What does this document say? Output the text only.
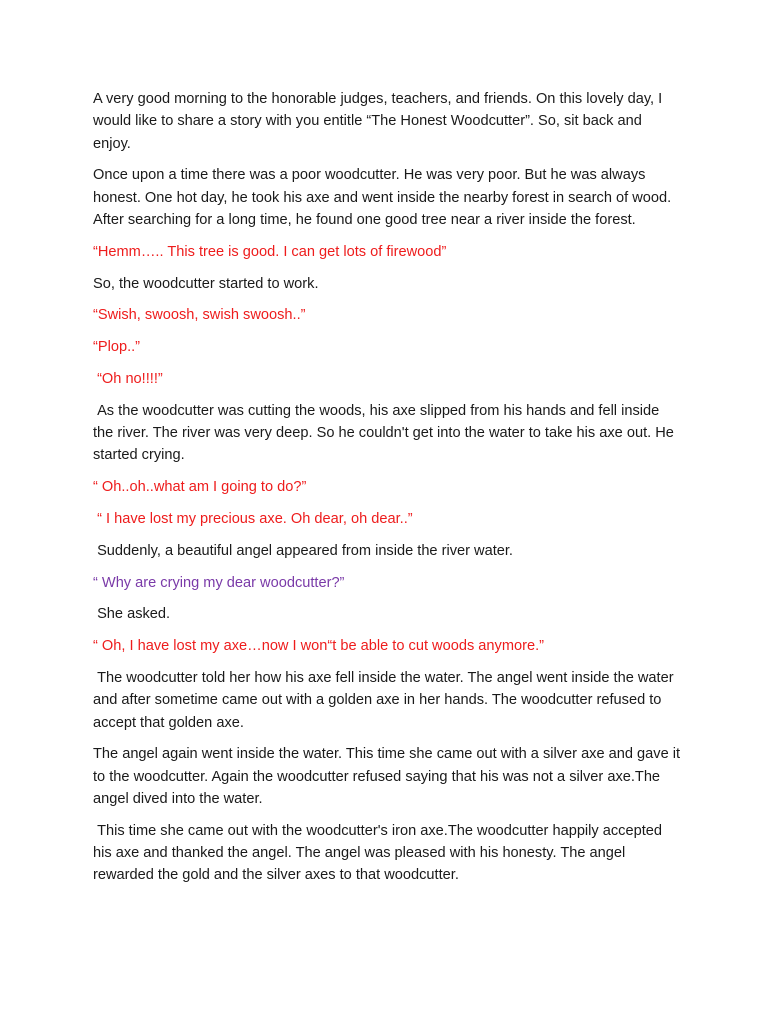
A very good morning to the honorable judges, teachers, and friends. On this lovely day, I would like to share a story with you entitle “The Honest Woodcutter”. So, sit back and enjoy.

Once upon a time there was a poor woodcutter. He was very poor. But he was always honest. One hot day, he took his axe and went inside the nearby forest in search of wood. After searching for a long time, he found one good tree near a river inside the forest.

“Hemm….. This tree is good. I can get lots of firewood”

So, the woodcutter started to work.

“Swish, swoosh, swish swoosh..”

“Plop..”

“Oh no!!!!”

As the woodcutter was cutting the woods, his axe slipped from his hands and fell inside the river. The river was very deep. So he couldn't get into the water to take his axe out. He started crying.

“ Oh..oh..what am I going to do?”

“ I have lost my precious axe. Oh dear, oh dear..”

Suddenly, a beautiful angel appeared from inside the river water.

“ Why are crying my dear woodcutter?”

She asked.

“ Oh, I have lost my axe…now I won“t be able to cut woods anymore.”

The woodcutter told her how his axe fell inside the water. The angel went inside the water and after sometime came out with a golden axe in her hands. The woodcutter refused to accept that golden axe.

The angel again went inside the water. This time she came out with a silver axe and gave it to the woodcutter. Again the woodcutter refused saying that his was not a silver axe.The angel dived into the water.

This time she came out with the woodcutter's iron axe.The woodcutter happily accepted his axe and thanked the angel. The angel was pleased with his honesty. The angel rewarded the gold and the silver axes to that woodcutter.
